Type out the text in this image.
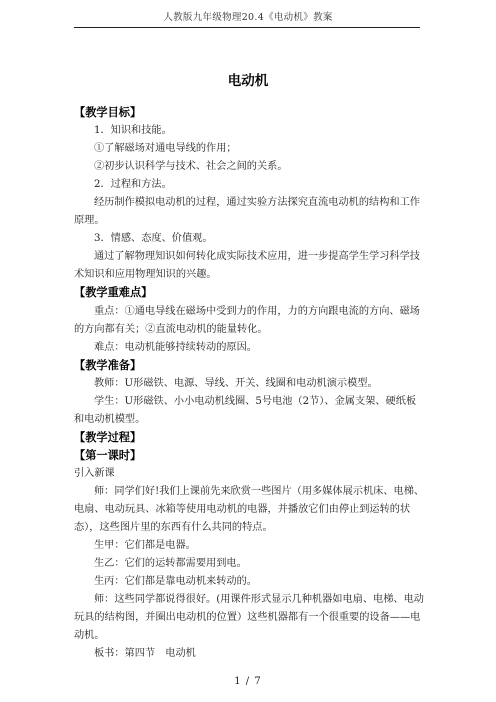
人教版九年级物理20.4《电动机》教案
电动机

【教学目标】

1．知识和技能。

①了解磁场对通电导线的作用；

②初步认识科学与技术、社会之间的关系。

2．过程和方法。

经历制作模拟电动机的过程，通过实验方法探究直流电动机的结构和工作原理。

3．情感、态度、价值观。

通过了解物理知识如何转化成实际技术应用，进一步提高学生学习科学技术知识和应用物理知识的兴趣。

【教学重难点】

重点：①通电导线在磁场中受到力的作用，力的方向跟电流的方向、磁场的方向都有关；②直流电动机的能量转化。

难点：电动机能够持续转动的原因。

【教学准备】

教师：U形磁铁、电源、导线、开关、线圈和电动机演示模型。

学生：U形磁铁、小小电动机线圈、5号电池（2节）、金属支架、硬纸板和电动机模型。

【教学过程】

【第一课时】

引入新课

师：同学们好!我们上课前先来欣赏一些图片（用多媒体展示机床、电梯、电扇、电动玩具、冰箱等使用电动机的电器，并播放它们由停止到运转的状态），这些图片里的东西有什么共同的特点。

生甲：它们都是电器。

生乙：它们的运转都需要用到电。

生丙：它们都是靠电动机来转动的。

师：这些同学都说得很好。(用课件形式显示几种机器如电扇、电梯、电动玩具的结构图，并圈出电动机的位置）这些机器都有一个很重要的设备——电动机。

板书：第四节　电动机

1 / 7
